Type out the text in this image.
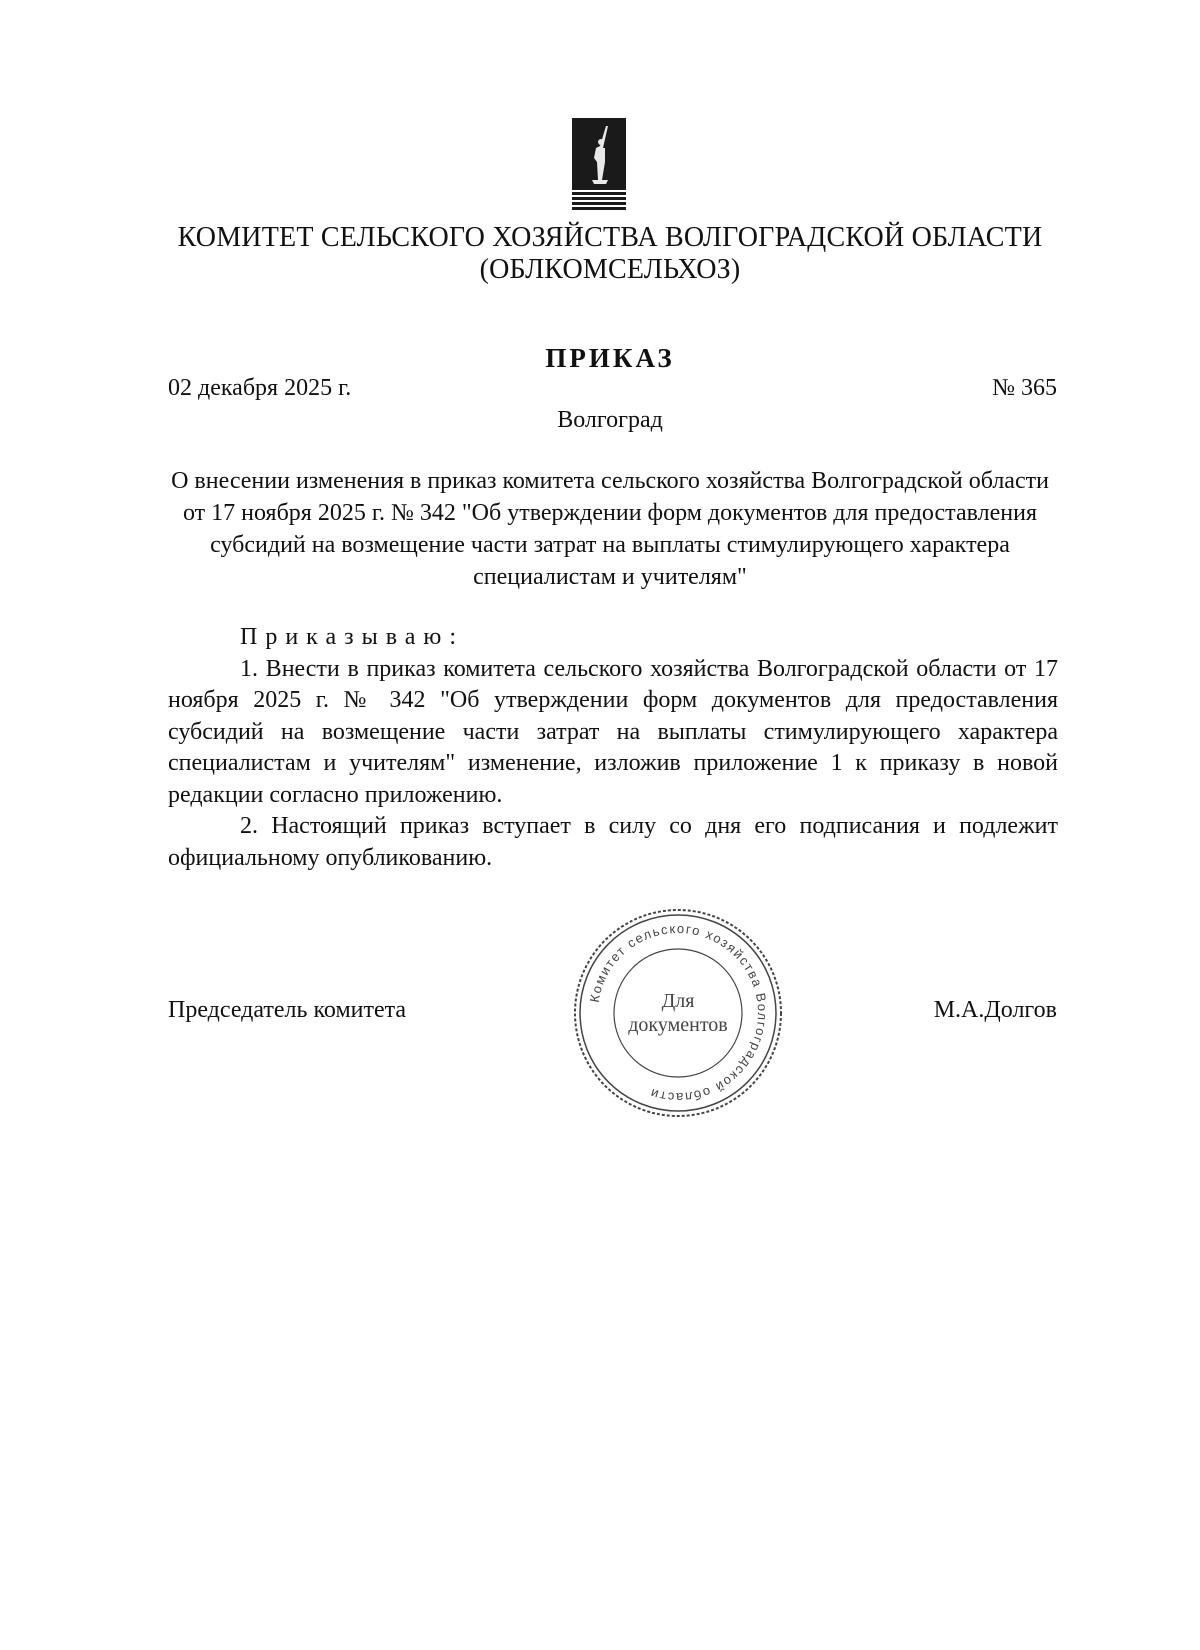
КОМИТЕТ СЕЛЬСКОГО ХОЗЯЙСТВА ВОЛГОГРАДСКОЙ ОБЛАСТИ
(ОБЛКОМСЕЛЬХОЗ)
ПРИКАЗ
02 декабря 2025 г.	№ 365
Волгоград
О внесении изменения в приказ комитета сельского хозяйства Волгоградской области от 17 ноября 2025 г. № 342 "Об утверждении форм документов для предоставления субсидий на возмещение части затрат на выплаты стимулирующего характера специалистам и учителям"

Приказываю:

1. Внести в приказ комитета сельского хозяйства Волгоградской области от 17 ноября 2025 г. № 342 "Об утверждении форм документов для предоставления субсидий на возмещение части затрат на выплаты стимулирующего характера специалистам и учителям" изменение, изложив приложение 1 к приказу в новой редакции согласно приложению.

2. Настоящий приказ вступает в силу со дня его подписания и подлежит официальному опубликованию.

Председатель комитета	М.А.Долгов
Комитет сельского хозяйства Волгоградской области
Для
документов
